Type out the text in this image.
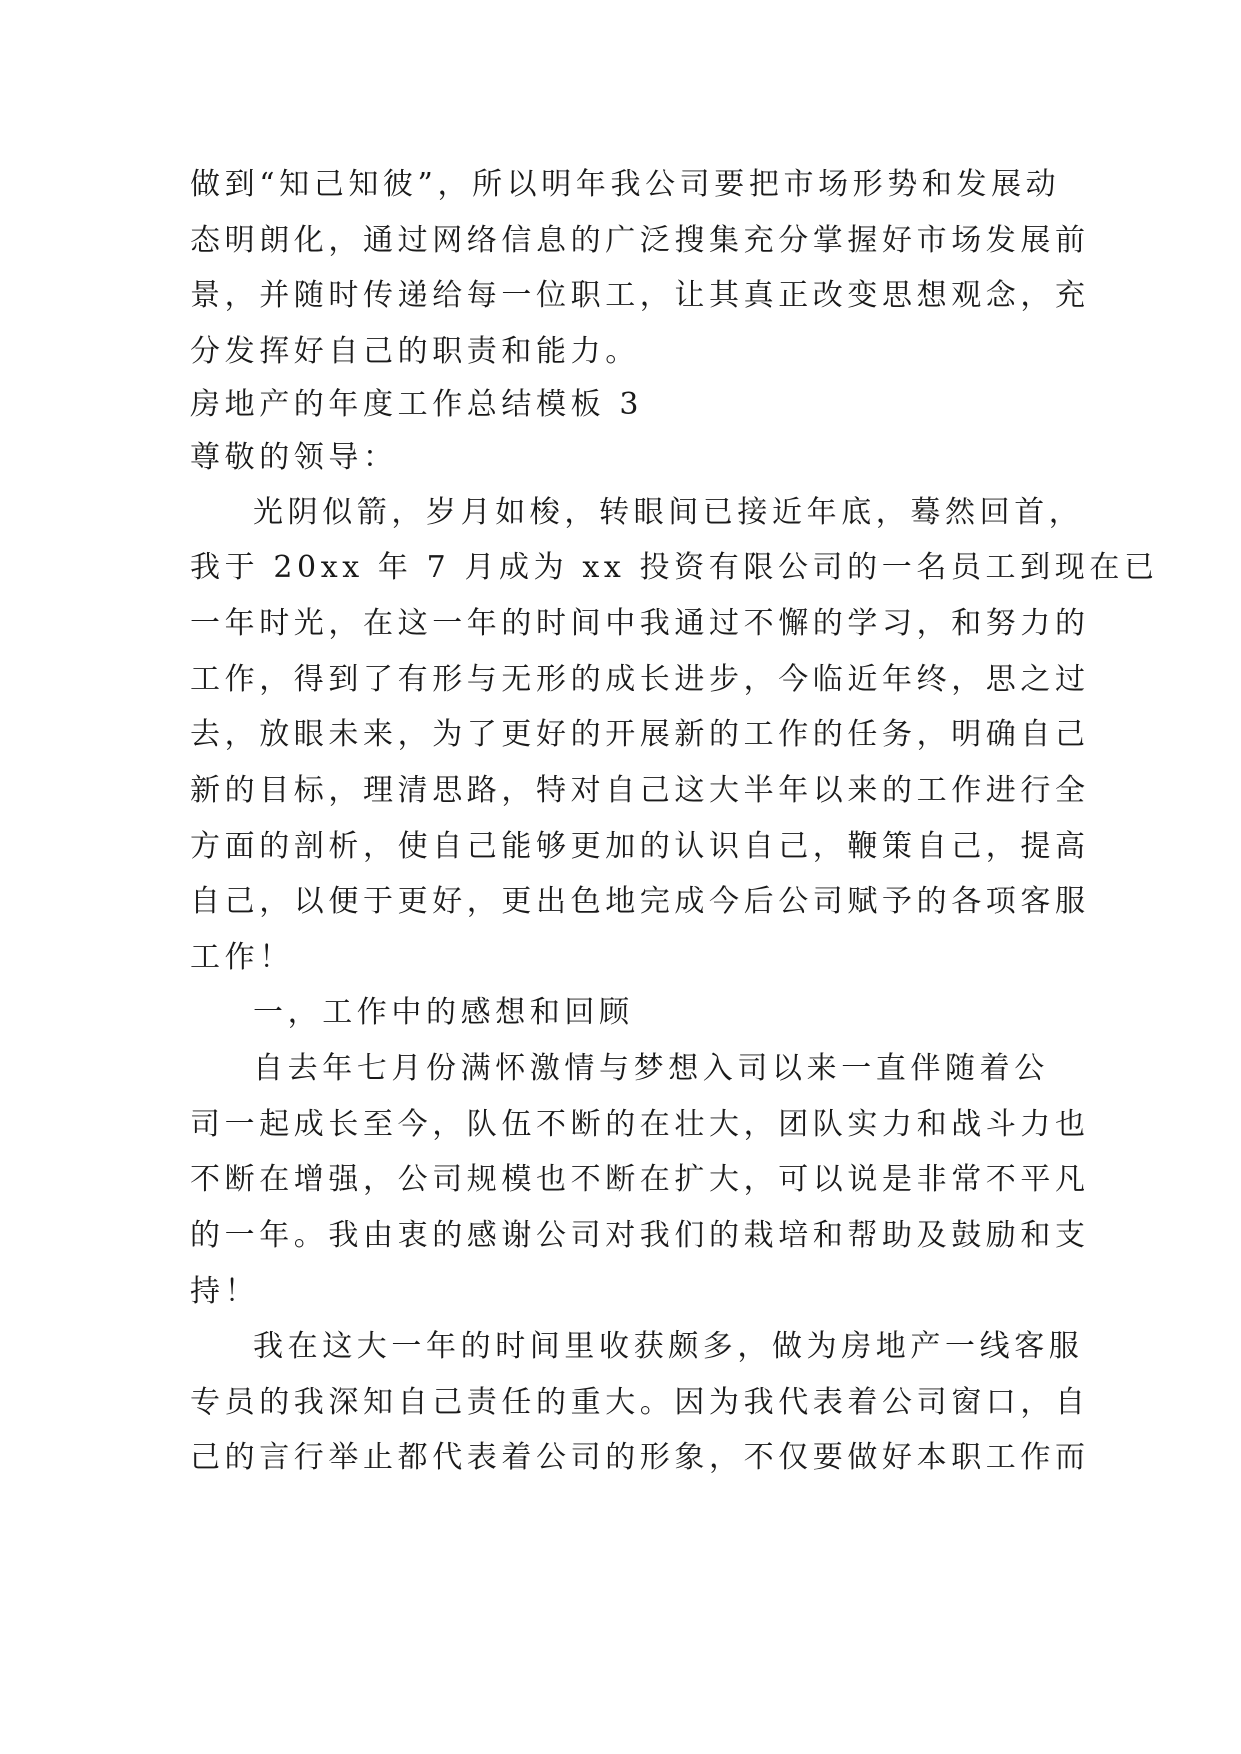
做到“知己知彼”，所以明年我公司要把市场形势和发展动
态明朗化，通过网络信息的广泛搜集充分掌握好市场发展前
景，并随时传递给每一位职工，让其真正改变思想观念，充
分发挥好自己的职责和能力。
房地产的年度工作总结模板 3
尊敬的领导：
光阴似箭，岁月如梭，转眼间已接近年底，蓦然回首，
我于 20xx 年 7 月成为 xx 投资有限公司的一名员工到现在已
一年时光，在这一年的时间中我通过不懈的学习，和努力的
工作，得到了有形与无形的成长进步，今临近年终，思之过
去，放眼未来，为了更好的开展新的工作的任务，明确自己
新的目标，理清思路，特对自己这大半年以来的工作进行全
方面的剖析，使自己能够更加的认识自己，鞭策自己，提高
自己，以便于更好，更出色地完成今后公司赋予的各项客服
工作！
一，工作中的感想和回顾
自去年七月份满怀激情与梦想入司以来一直伴随着公
司一起成长至今，队伍不断的在壮大，团队实力和战斗力也
不断在增强，公司规模也不断在扩大，可以说是非常不平凡
的一年。我由衷的感谢公司对我们的栽培和帮助及鼓励和支
持！
我在这大一年的时间里收获颇多，做为房地产一线客服
专员的我深知自己责任的重大。因为我代表着公司窗口，自
己的言行举止都代表着公司的形象，不仅要做好本职工作而
